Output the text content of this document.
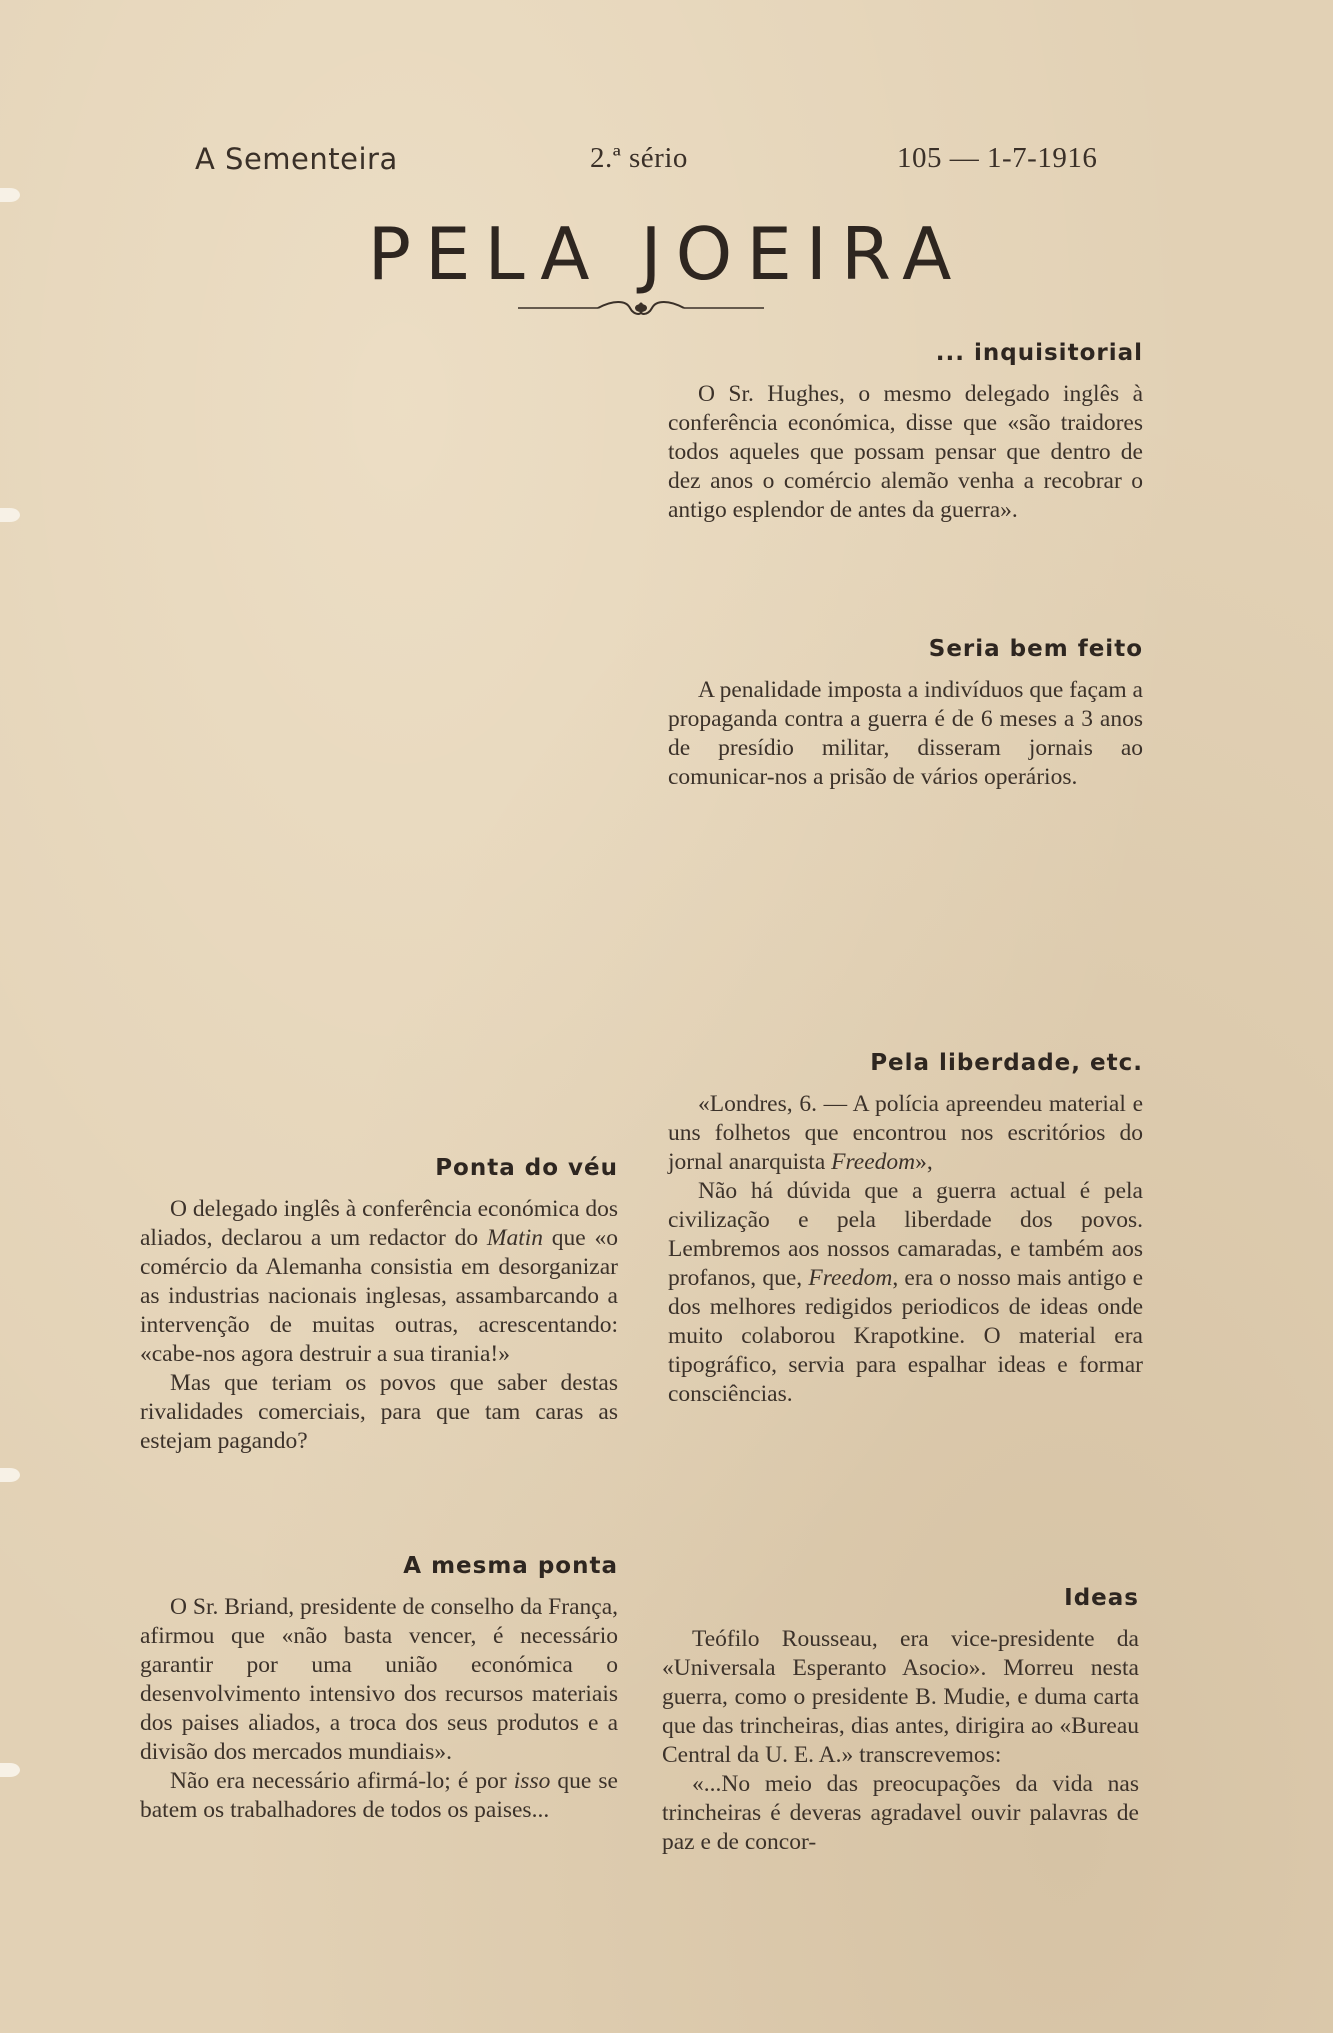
A Sementeira	2.ª sério	105 — 1-7-1916
PELA JOEIRA
... inquisitorial

O Sr. Hughes, o mesmo delegado inglês à conferência económica, disse que «são traidores todos aqueles que possam pensar que dentro de dez anos o comércio alemão venha a recobrar o antigo esplendor de antes da guerra».

Seria bem feito

A penalidade imposta a indivíduos que façam a propaganda contra a guerra é de 6 meses a 3 anos de presídio militar, disseram jornais ao comunicar-nos a prisão de vários operários.

Pela liberdade, etc.

«Londres, 6. — A polícia apreendeu material e uns folhetos que encontrou nos escritórios do jornal anarquista Freedom»,

Não há dúvida que a guerra actual é pela civilização e pela liberdade dos povos. Lembremos aos nossos camaradas, e também aos profanos, que, Freedom, era o nosso mais antigo e dos melhores redigidos periodicos de ideas onde muito colaborou Krapotkine. O material era tipográfico, servia para espalhar ideas e formar consciências.

Ponta do véu

O delegado inglês à conferência económica dos aliados, declarou a um redactor do Matin que «o comércio da Alemanha consistia em desorganizar as industrias nacionais inglesas, assambarcando a intervenção de muitas outras, acrescentando: «cabe-nos agora destruir a sua tirania!»

Mas que teriam os povos que saber destas rivalidades comerciais, para que tam caras as estejam pagando?

A mesma ponta

O Sr. Briand, presidente de conselho da França, afirmou que «não basta vencer, é necessário garantir por uma união económica o desenvolvimento intensivo dos recursos materiais dos paises aliados, a troca dos seus produtos e a divisão dos mercados mundiais».

Não era necessário afirmá-lo; é por isso que se batem os trabalhadores de todos os paises...

Ideas

Teófilo Rousseau, era vice-presidente da «Universala Esperanto Asocio». Morreu nesta guerra, como o presidente B. Mudie, e duma carta que das trincheiras, dias antes, dirigira ao «Bureau Central da U. E. A.» transcrevemos:

«...No meio das preocupações da vida nas trincheiras é deveras agradavel ouvir palavras de paz e de concor-
